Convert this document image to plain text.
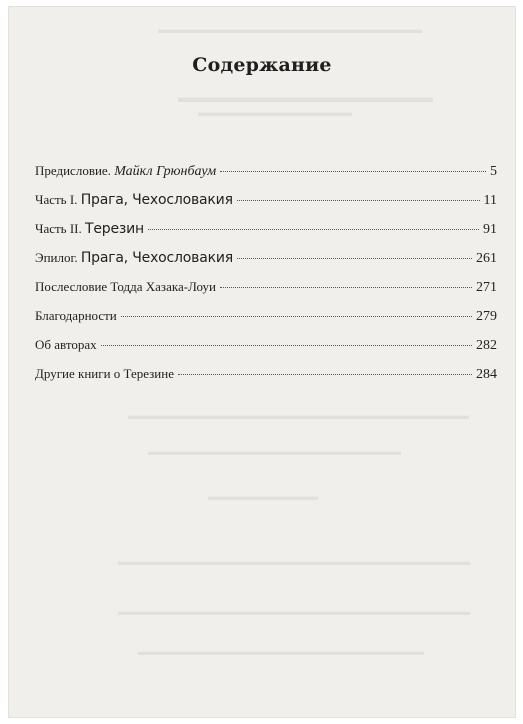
▬▬▬▬▬▬▬▬▬▬▬▬▬▬▬▬▬▬▬▬▬▬▬▬
▬▬▬▬▬▬▬▬▬▬▬▬▬▬▬▬▬
▬▬▬▬▬▬▬▬▬▬▬▬▬▬
▬▬▬▬▬▬▬▬▬▬▬▬▬▬▬▬▬▬▬▬▬▬▬▬▬▬▬▬▬▬▬
▬▬▬▬▬▬▬▬▬▬▬▬▬▬▬▬▬▬▬▬▬▬▬
▬▬▬▬▬▬▬▬▬▬
▬▬▬▬▬▬▬▬▬▬▬▬▬▬▬▬▬▬▬▬▬▬▬▬▬▬▬▬▬▬▬▬
▬▬▬▬▬▬▬▬▬▬▬▬▬▬▬▬▬▬▬▬▬▬▬▬▬▬▬▬▬▬▬▬
▬▬▬▬▬▬▬▬▬▬▬▬▬▬▬▬▬▬▬▬▬▬▬▬▬▬
Содержание
Предисловие. Майкл Грюнбаум	5
Часть I. Прага, Чехословакия	11
Часть II. Терезин	91
Эпилог. Прага, Чехословакия	261
Послесловие Тодда Хазака-Лоуи	271
Благодарности	279
Об авторах	282
Другие книги о Терезине	284
